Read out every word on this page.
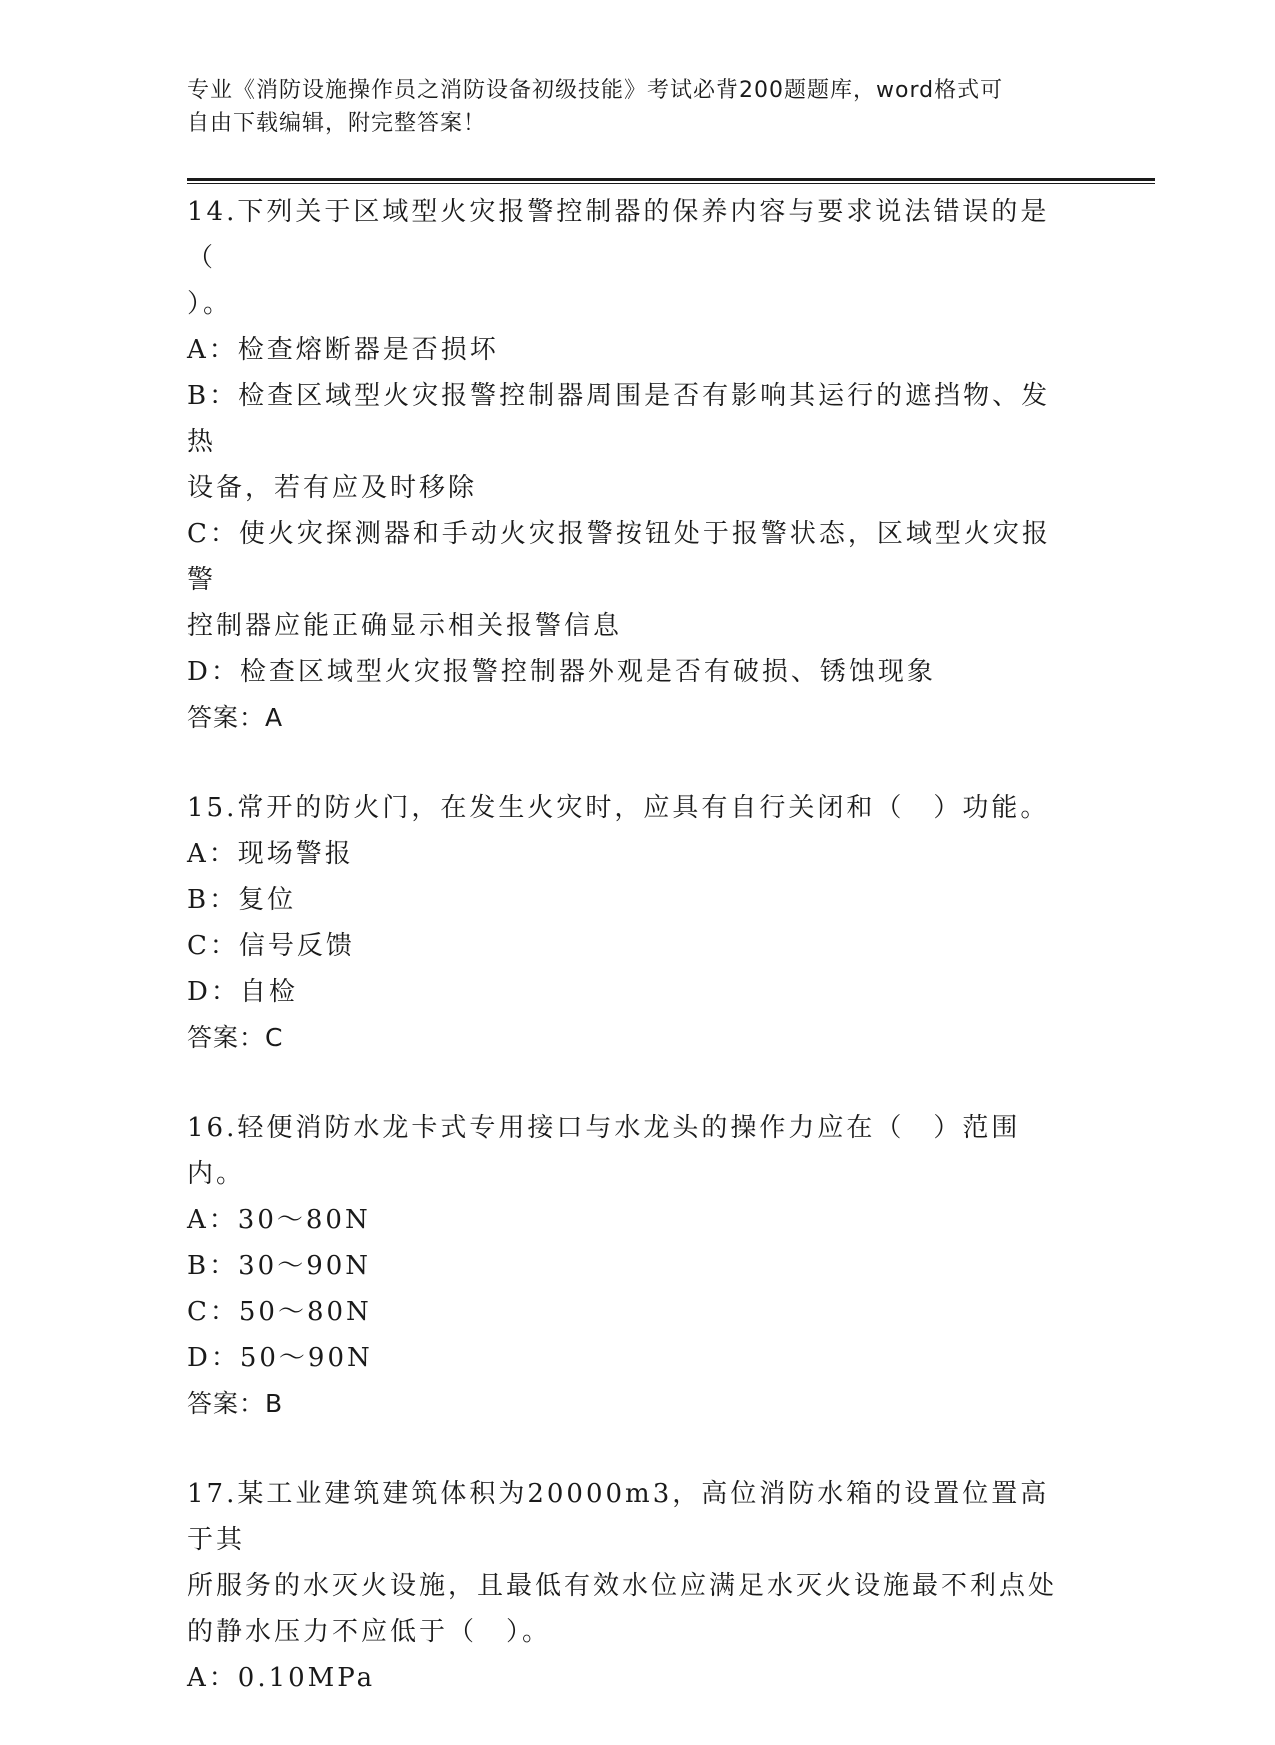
专业《消防设施操作员之消防设备初级技能》考试必背200题题库，word格式可
自由下载编辑，附完整答案！
14.下列关于区域型火灾报警控制器的保养内容与要求说法错误的是（
）。
A：检查熔断器是否损坏
B：检查区域型火灾报警控制器周围是否有影响其运行的遮挡物、发热
设备，若有应及时移除
C：使火灾探测器和手动火灾报警按钮处于报警状态，区域型火灾报警
控制器应能正确显示相关报警信息
D：检查区域型火灾报警控制器外观是否有破损、锈蚀现象
答案：A
15.常开的防火门，在发生火灾时，应具有自行关闭和（　）功能。
A：现场警报
B：复位
C：信号反馈
D：自检
答案：C
16.轻便消防水龙卡式专用接口与水龙头的操作力应在（　）范围内。
A：30～80N
B：30～90N
C：50～80N
D：50～90N
答案：B
17.某工业建筑建筑体积为20000m3，高位消防水箱的设置位置高于其
所服务的水灭火设施，且最低有效水位应满足水灭火设施最不利点处
的静水压力不应低于（　）。
A：0.10MPa
